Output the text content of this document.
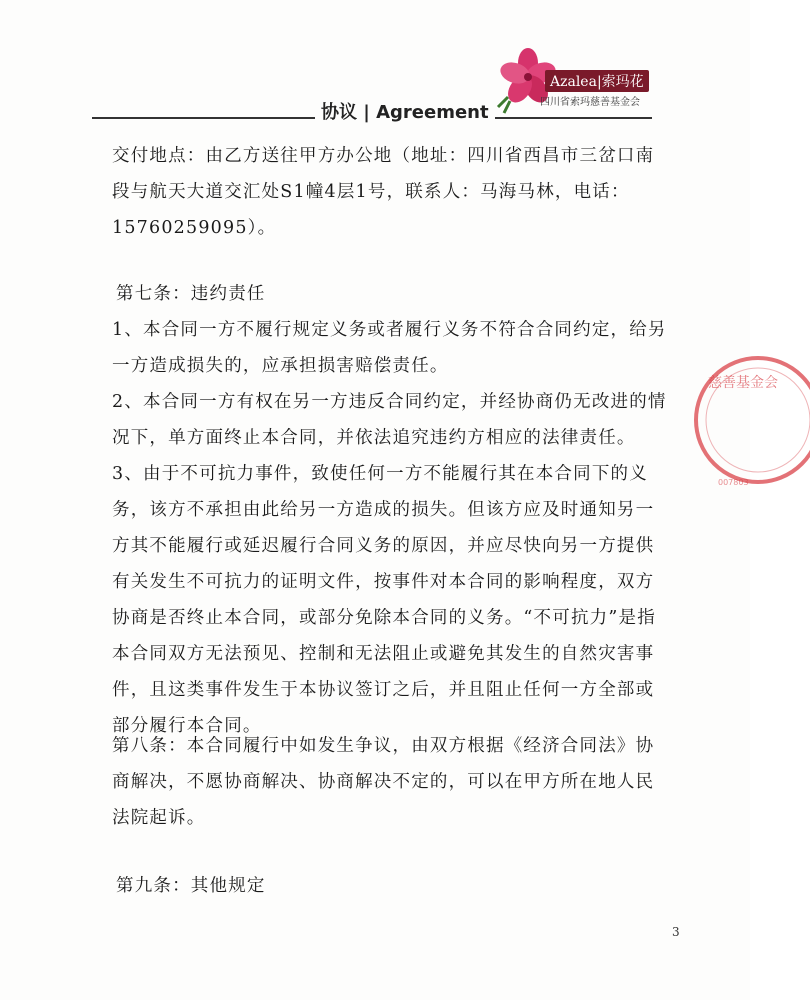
Azalea|索玛花
四川省索玛慈善基金会
协议 | Agreement

交付地点：由乙方送往甲方办公地（地址：四川省西昌市三岔口南段与航天大道交汇处S1幢4层1号，联系人：马海马林，电话：15760259095）。

第七条：违约责任

1、本合同一方不履行规定义务或者履行义务不符合合同约定，给另一方造成损失的，应承担损害赔偿责任。

2、本合同一方有权在另一方违反合同约定，并经协商仍无改进的情况下，单方面终止本合同，并依法追究违约方相应的法律责任。

3、由于不可抗力事件，致使任何一方不能履行其在本合同下的义务，该方不承担由此给另一方造成的损失。但该方应及时通知另一方其不能履行或延迟履行合同义务的原因，并应尽快向另一方提供有关发生不可抗力的证明文件，按事件对本合同的影响程度，双方协商是否终止本合同，或部分免除本合同的义务。“不可抗力”是指本合同双方无法预见、控制和无法阻止或避免其发生的自然灾害事件，且这类事件发生于本协议签订之后，并且阻止任何一方全部或部分履行本合同。

第八条：本合同履行中如发生争议，由双方根据《经济合同法》协商解决，不愿协商解决、协商解决不定的，可以在甲方所在地人民法院起诉。

第九条：其他规定
慈善基金会
007803
3
